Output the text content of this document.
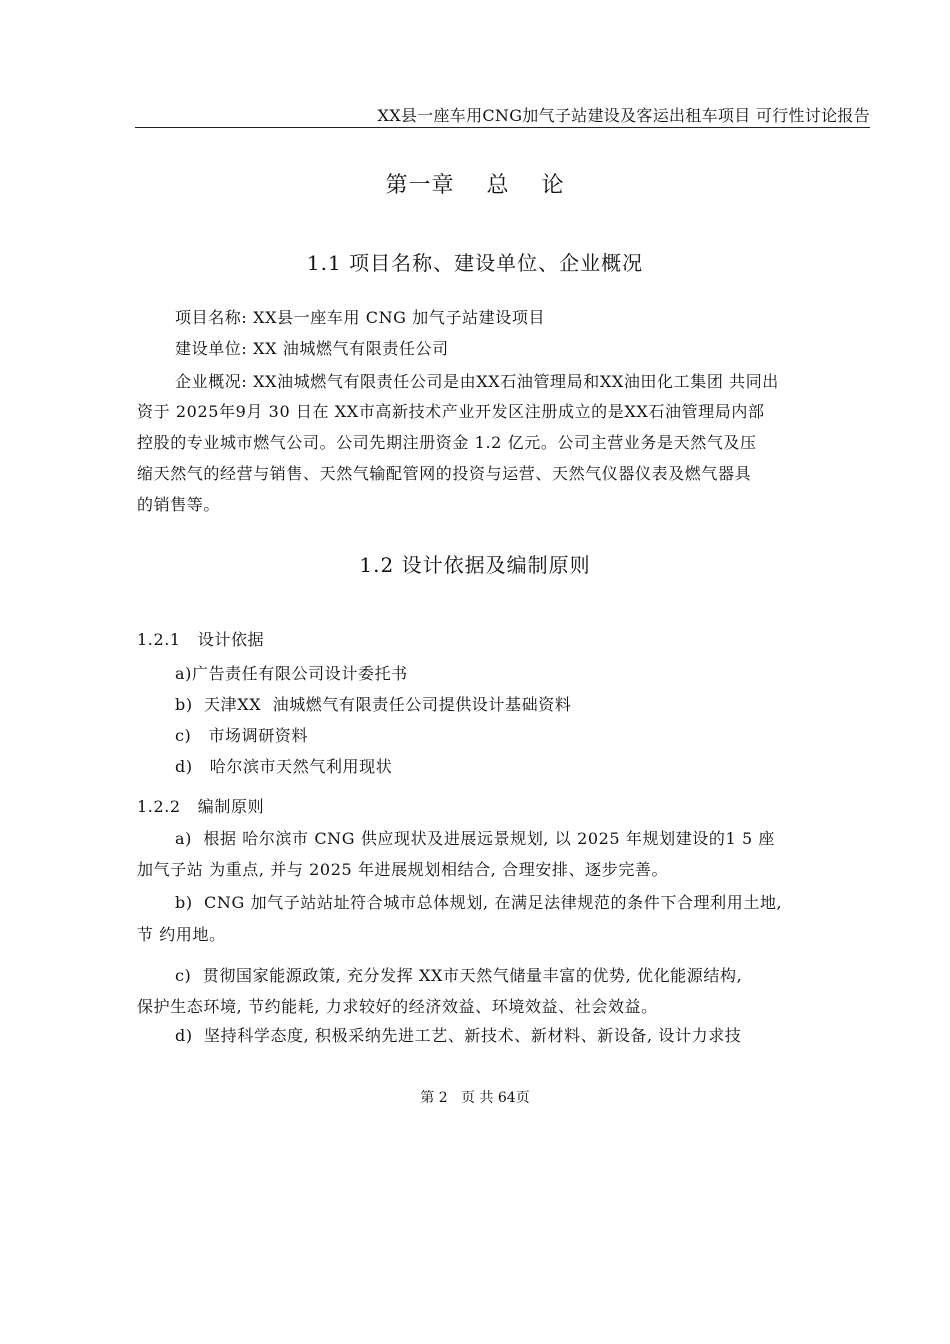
XX县一座车用CNG加气子站建设及客运出租车项目 可行性讨论报告
第一章    总    论
1.1 项目名称、建设单位、企业概况
项目名称: XX县一座车用 CNG 加气子站建设项目
建设单位: XX 油城燃气有限责任公司
企业概况: XX油城燃气有限责任公司是由XX石油管理局和XX油田化工集团 共同出
资于 2025年9月 30 日在 XX市高新技术产业开发区注册成立的是XX石油管理局内部
控股的专业城市燃气公司。公司先期注册资金 1.2 亿元。公司主营业务是天然气及压
缩天然气的经营与销售、天然气输配管网的投资与运营、天然气仪器仪表及燃气器具
的销售等。
1.2 设计依据及编制原则
1.2.1   设计依据
a)广告责任有限公司设计委托书
b)  天津XX  油城燃气有限责任公司提供设计基础资料
c)   市场调研资料
d)   哈尔滨市天然气利用现状
1.2.2   编制原则
a)  根据 哈尔滨市 CNG 供应现状及进展远景规划, 以 2025 年规划建设的1 5 座
加气子站 为重点, 并与 2025 年进展规划相结合, 合理安排、逐步完善。
b)  CNG 加气子站站址符合城市总体规划, 在满足法律规范的条件下合理利用土地,
节 约用地。
c)  贯彻国家能源政策, 充分发挥 XX市天然气储量丰富的优势, 优化能源结构,
保护生态环境, 节约能耗, 力求较好的经济效益、环境效益、社会效益。
d)  坚持科学态度, 积极采纳先进工艺、新技术、新材料、新设备, 设计力求技
第 2   页 共 64页
